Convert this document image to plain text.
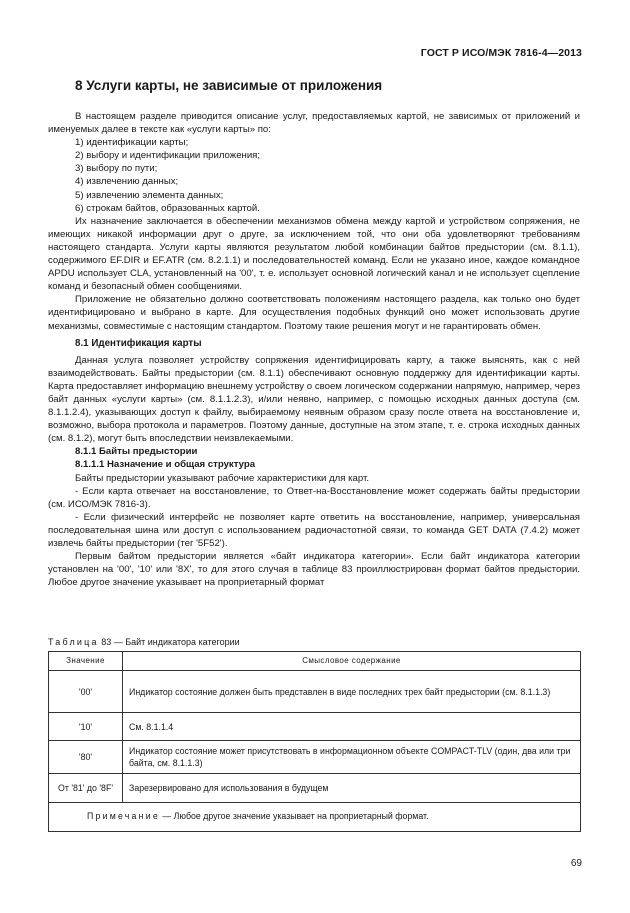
ГОСТ Р ИСО/МЭК 7816-4—2013
8 Услуги карты, не зависимые от приложения

В настоящем разделе приводится описание услуг, предоставляемых картой, не зависимых от приложений и именуемых далее в тексте как «услуги карты» по:

1) идентификации карты;
2) выбору и идентификации приложения;
3) выбору по пути;
4) извлечению данных;
5) извлечению элемента данных;
6) строкам байтов, образованных картой.

Их назначение заключается в обеспечении механизмов обмена между картой и устройством сопряжения, не имеющих никакой информации друг о друге, за исключением той, что они оба удовлетворяют требованиям настоящего стандарта. Услуги карты являются результатом любой комбинации байтов предыстории (см. 8.1.1), содержимого EF.DIR и EF.ATR (см. 8.2.1.1) и последовательностей команд. Если не указано иное, каждое командное APDU использует CLA, установленный на '00', т. е. использует основной логический канал и не использует сцепление команд и безопасный обмен сообщениями.

Приложение не обязательно должно соответствовать положениям настоящего раздела, как только оно будет идентифицировано и выбрано в карте. Для осуществления подобных функций оно может использовать другие механизмы, совместимые с настоящим стандартом. Поэтому такие решения могут и не гарантировать обмен.

8.1 Идентификация карты

Данная услуга позволяет устройству сопряжения идентифицировать карту, а также выяснять, как с ней взаимодействовать. Байты предыстории (см. 8.1.1) обеспечивают основную поддержку для идентификации карты. Карта предоставляет информацию внешнему устройству о своем логическом содержании напрямую, например, через байт данных «услуги карты» (см. 8.1.1.2.3), и/или неявно, например, с помощью исходных данных доступа (см. 8.1.1.2.4), указывающих доступ к файлу, выбираемому неявным образом сразу после ответа на восстановление и, возможно, выбора протокола и параметров. Поэтому данные, доступные на этом этапе, т. е. строка исходных данных (см. 8.1.2), могут быть впоследствии неизвлекаемыми.

8.1.1 Байты предыстории
8.1.1.1 Назначение и общая структура

Байты предыстории указывают рабочие характеристики для карт.

- Если карта отвечает на восстановление, то Ответ-на-Восстановление может содержать байты предыстории (см. ИСО/МЭК 7816-3).

- Если физический интерфейс не позволяет карте ответить на восстановление, например, универсальная последовательная шина или доступ с использованием радиочастотной связи, то команда GET DATA (7.4.2) может извлечь байты предыстории (тег '5F52').

Первым байтом предыстории является «байт индикатора категории». Если байт индикатора категории установлен на '00', '10' или '8X', то для этого случая в таблице 83 проиллюстрирован формат байтов предыстории. Любое другое значение указывает на проприетарный формат

Таблица 83 — Байт индикатора категории
Значение	Смысловое содержание
'00'	Индикатор состояние должен быть представлен в виде последних трех байт предыстории (см. 8.1.1.3)
'10'	См. 8.1.1.4
'80'	Индикатор состояние может присутствовать в информационном объекте COMPACT-TLV (один, два или три байта, см. 8.1.1.3)
От '81' до '8F'	Зарезервировано для использования в будущем
Примечание — Любое другое значение указывает на проприетарный формат.	
69
